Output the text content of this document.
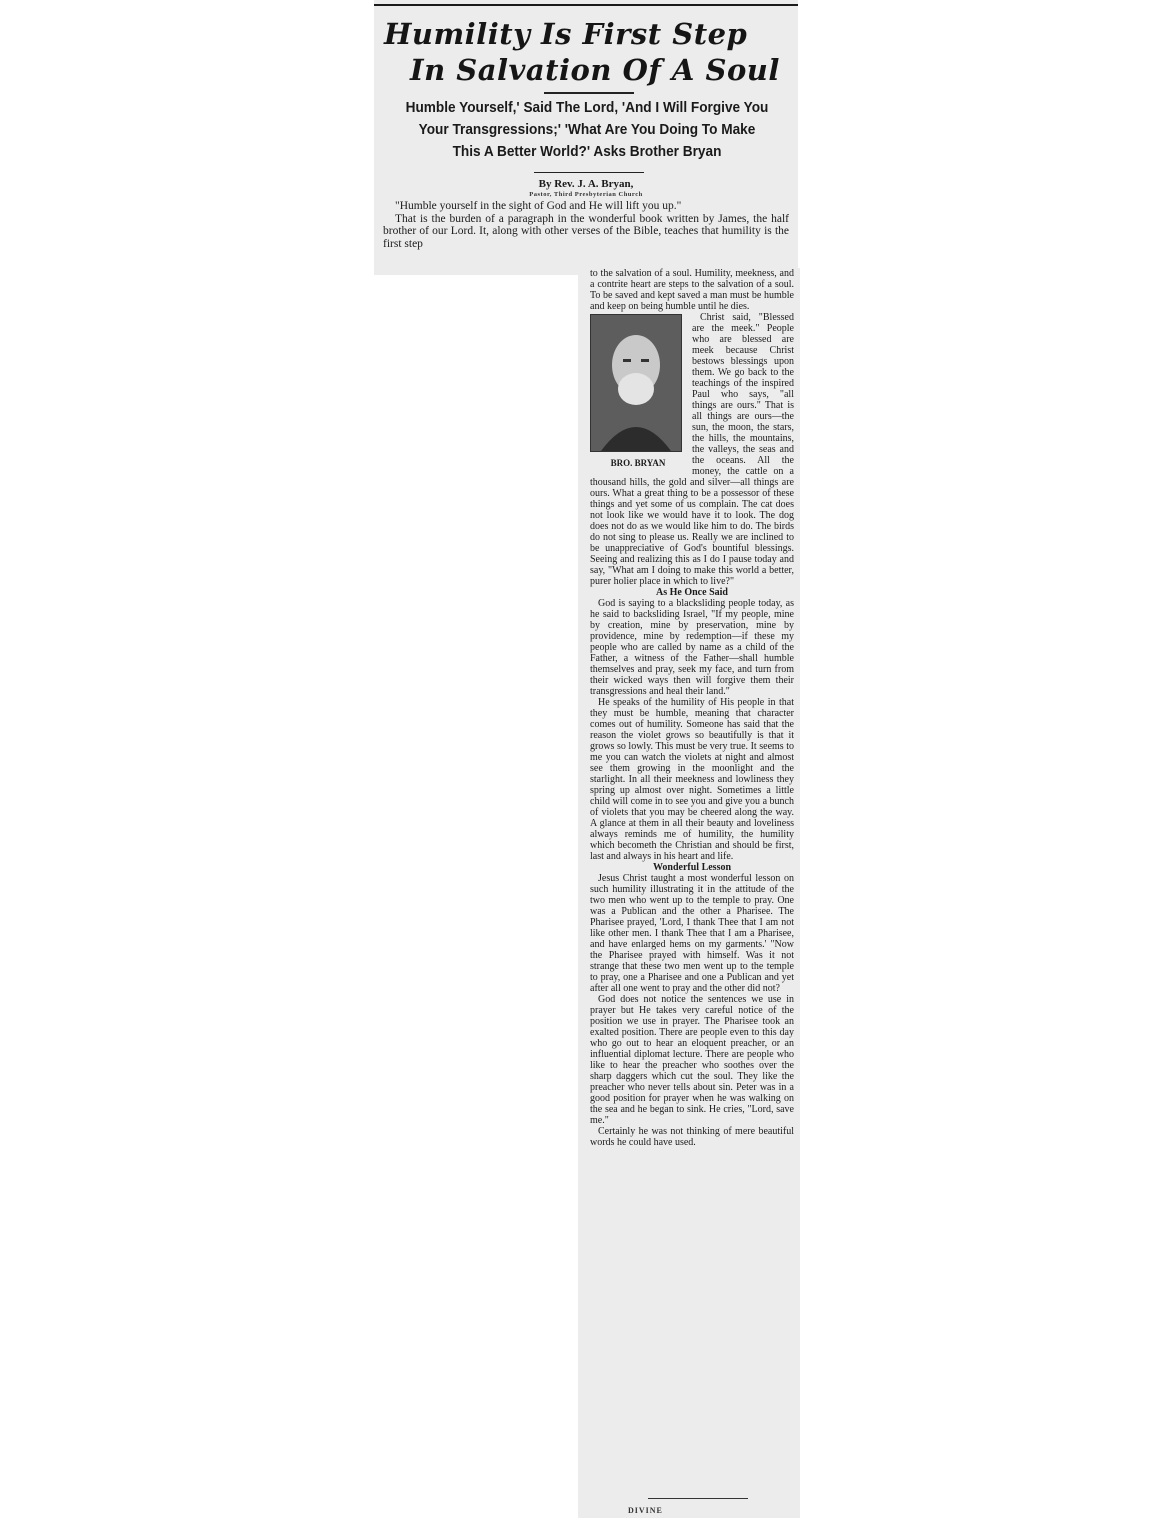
Humility Is First Step
In Salvation Of A Soul
Humble Yourself,' Said The Lord, 'And I Will Forgive You
Your Transgressions;' 'What Are You Doing To Make
This A Better World?' Asks Brother Bryan
By Rev. J. A. Bryan,
Pastor, Third Presbyterian Church

"Humble yourself in the sight of God and He will lift you up."

That is the burden of a paragraph in the wonderful book written by James, the half brother of our Lord. It, along with other verses of the Bible, teaches that humility is the first step

to the salvation of a soul. Humility, meekness, and a contrite heart are steps to the salvation of a soul. To be saved and kept saved a man must be humble and keep on being humble until he dies.

BRO. BRYAN

Christ said, "Blessed are the meek." People who are blessed are meek because Christ bestows blessings upon them. We go back to the teachings of the inspired Paul who says, "all things are ours." That is all things are ours—the sun, the moon, the stars, the hills, the mountains, the valleys, the seas and the oceans. All the money, the cattle on a thousand hills, the gold and silver—all things are ours. What a great thing to be a possessor of these things and yet some of us complain. The cat does not look like we would have it to look. The dog does not do as we would like him to do. The birds do not sing to please us. Really we are inclined to be unappreciative of God's bountiful blessings. Seeing and realizing this as I do I pause today and say, "What am I doing to make this world a better, purer holier place in which to live?"

As He Once Said

God is saying to a blacksliding people today, as he said to backsliding Israel, "If my people, mine by creation, mine by preservation, mine by providence, mine by redemption—if these my people who are called by name as a child of the Father, a witness of the Father—shall humble themselves and pray, seek my face, and turn from their wicked ways then will forgive them their transgressions and heal their land."

He speaks of the humility of His people in that they must be humble, meaning that character comes out of humility. Someone has said that the reason the violet grows so beautifully is that it grows so lowly. This must be very true. It seems to me you can watch the violets at night and almost see them growing in the moonlight and the starlight. In all their meekness and lowliness they spring up almost over night. Sometimes a little child will come in to see you and give you a bunch of violets that you may be cheered along the way. A glance at them in all their beauty and loveliness always reminds me of humility, the humility which becometh the Christian and should be first, last and always in his heart and life.

Wonderful Lesson

Jesus Christ taught a most wonderful lesson on such humility illustrating it in the attitude of the two men who went up to the temple to pray. One was a Publican and the other a Pharisee. The Pharisee prayed, 'Lord, I thank Thee that I am not like other men. I thank Thee that I am a Pharisee, and have enlarged hems on my garments.' "Now the Pharisee prayed with himself. Was it not strange that these two men went up to the temple to pray, one a Pharisee and one a Publican and yet after all one went to pray and the other did not?

God does not notice the sentences we use in prayer but He takes very careful notice of the position we use in prayer. The Pharisee took an exalted position. There are people even to this day who go out to hear an eloquent preacher, or an influential diplomat lecture. There are people who like to hear the preacher who soothes over the sharp daggers which cut the soul. They like the preacher who never tells about sin. Peter was in a good position for prayer when he was walking on the sea and he began to sink. He cries, "Lord, save me."

Certainly he was not thinking of mere beautiful words he could have used.

DIVINE
